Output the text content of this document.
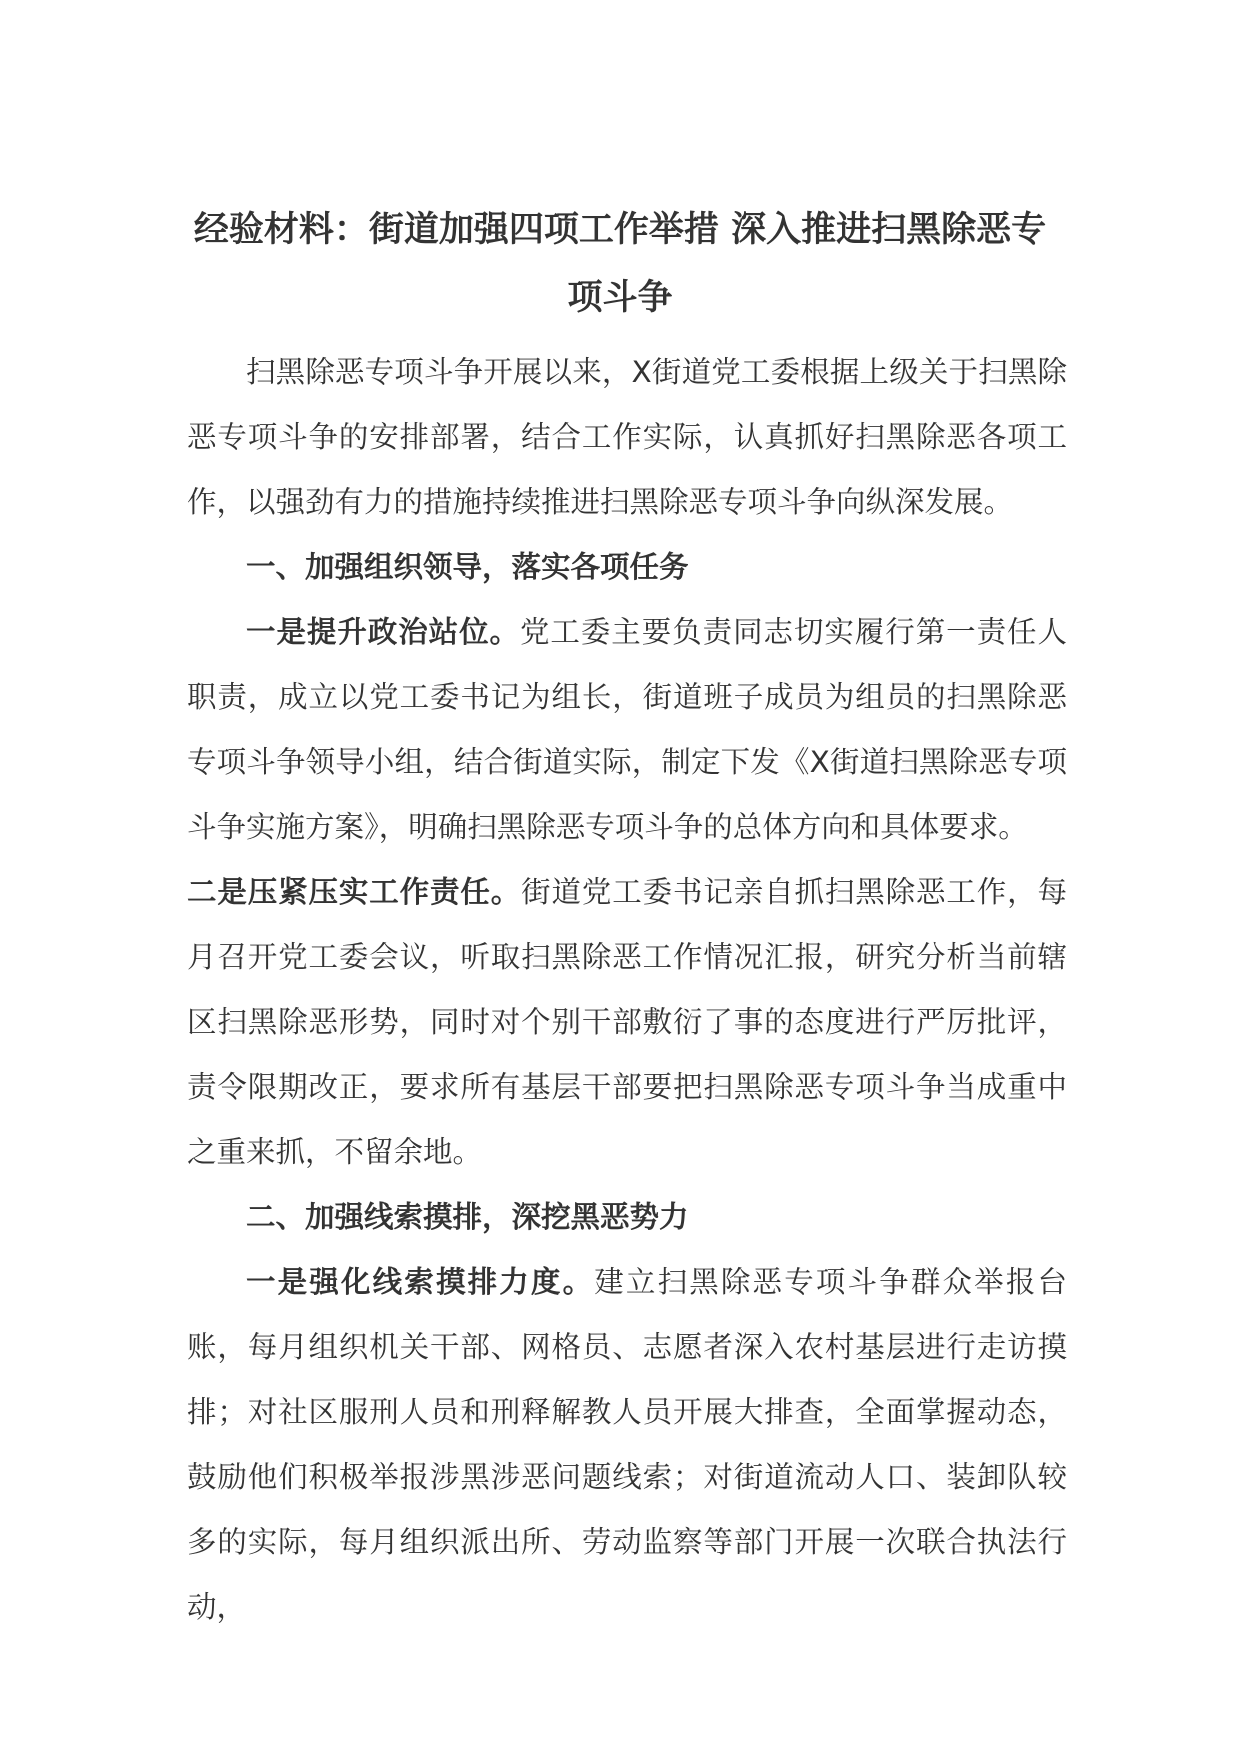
经验材料：街道加强四项工作举措 深入推进扫黑除恶专项斗争

扫黑除恶专项斗争开展以来，X街道党工委根据上级关于扫黑除恶专项斗争的安排部署，结合工作实际，认真抓好扫黑除恶各项工作，以强劲有力的措施持续推进扫黑除恶专项斗争向纵深发展。

一、加强组织领导，落实各项任务

一是提升政治站位。党工委主要负责同志切实履行第一责任人职责，成立以党工委书记为组长，街道班子成员为组员的扫黑除恶专项斗争领导小组，结合街道实际，制定下发《X街道扫黑除恶专项斗争实施方案》，明确扫黑除恶专项斗争的总体方向和具体要求。

二是压紧压实工作责任。街道党工委书记亲自抓扫黑除恶工作，每月召开党工委会议，听取扫黑除恶工作情况汇报，研究分析当前辖区扫黑除恶形势，同时对个别干部敷衍了事的态度进行严厉批评，责令限期改正，要求所有基层干部要把扫黑除恶专项斗争当成重中之重来抓，不留余地。

二、加强线索摸排，深挖黑恶势力

一是强化线索摸排力度。建立扫黑除恶专项斗争群众举报台账，每月组织机关干部、网格员、志愿者深入农村基层进行走访摸排；对社区服刑人员和刑释解教人员开展大排查，全面掌握动态，鼓励他们积极举报涉黑涉恶问题线索；对街道流动人口、装卸队较多的实际，每月组织派出所、劳动监察等部门开展一次联合执法行动，
